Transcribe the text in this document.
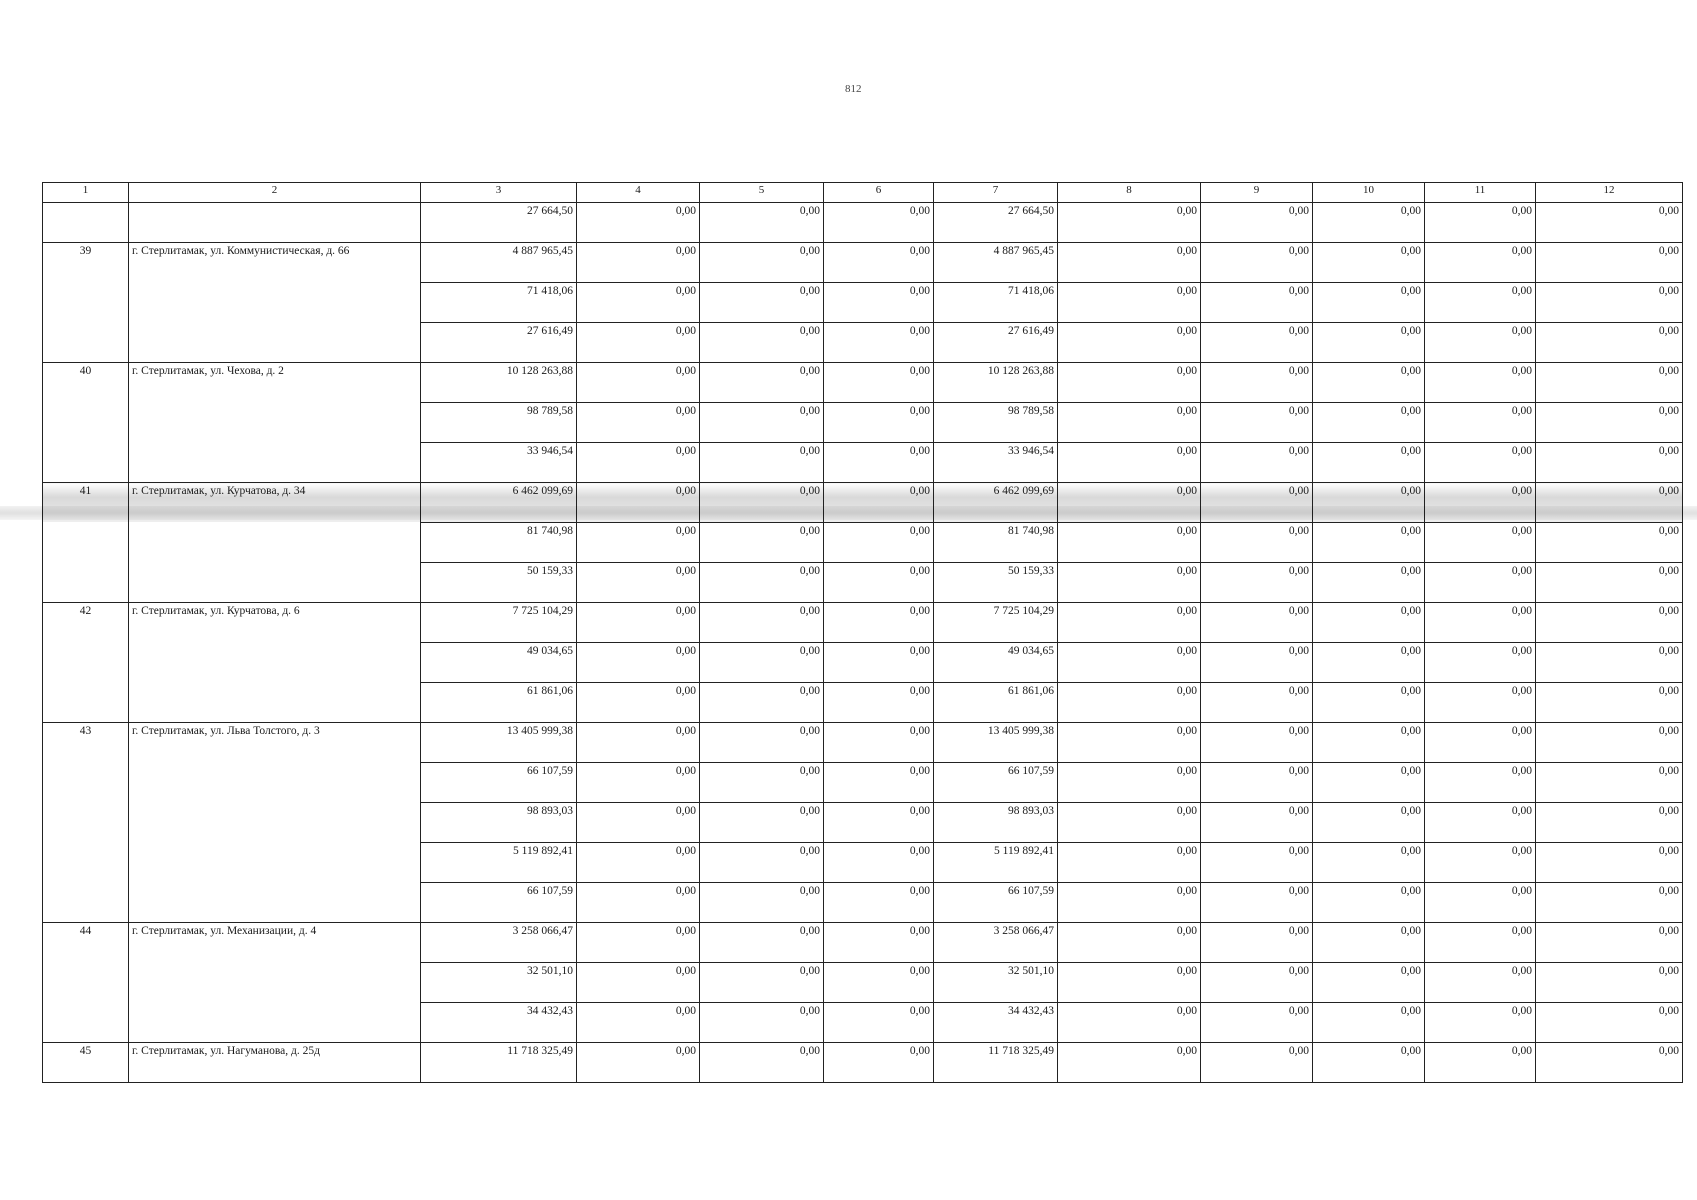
812
1	2	3	4	5	6	7	8	9	10	11	12
		27 664,50	0,00	0,00	0,00	27 664,50	0,00	0,00	0,00	0,00	0,00
39	г. Стерлитамак, ул. Коммунистическая, д. 66	4 887 965,45	0,00	0,00	0,00	4 887 965,45	0,00	0,00	0,00	0,00	0,00
		71 418,06	0,00	0,00	0,00	71 418,06	0,00	0,00	0,00	0,00	0,00
		27 616,49	0,00	0,00	0,00	27 616,49	0,00	0,00	0,00	0,00	0,00
40	г. Стерлитамак, ул. Чехова, д. 2	10 128 263,88	0,00	0,00	0,00	10 128 263,88	0,00	0,00	0,00	0,00	0,00
		98 789,58	0,00	0,00	0,00	98 789,58	0,00	0,00	0,00	0,00	0,00
		33 946,54	0,00	0,00	0,00	33 946,54	0,00	0,00	0,00	0,00	0,00
41	г. Стерлитамак, ул. Курчатова, д. 34	6 462 099,69	0,00	0,00	0,00	6 462 099,69	0,00	0,00	0,00	0,00	0,00
		81 740,98	0,00	0,00	0,00	81 740,98	0,00	0,00	0,00	0,00	0,00
		50 159,33	0,00	0,00	0,00	50 159,33	0,00	0,00	0,00	0,00	0,00
42	г. Стерлитамак, ул. Курчатова, д. 6	7 725 104,29	0,00	0,00	0,00	7 725 104,29	0,00	0,00	0,00	0,00	0,00
		49 034,65	0,00	0,00	0,00	49 034,65	0,00	0,00	0,00	0,00	0,00
		61 861,06	0,00	0,00	0,00	61 861,06	0,00	0,00	0,00	0,00	0,00
43	г. Стерлитамак, ул. Льва Толстого, д. 3	13 405 999,38	0,00	0,00	0,00	13 405 999,38	0,00	0,00	0,00	0,00	0,00
		66 107,59	0,00	0,00	0,00	66 107,59	0,00	0,00	0,00	0,00	0,00
		98 893,03	0,00	0,00	0,00	98 893,03	0,00	0,00	0,00	0,00	0,00
		5 119 892,41	0,00	0,00	0,00	5 119 892,41	0,00	0,00	0,00	0,00	0,00
		66 107,59	0,00	0,00	0,00	66 107,59	0,00	0,00	0,00	0,00	0,00
44	г. Стерлитамак, ул. Механизации, д. 4	3 258 066,47	0,00	0,00	0,00	3 258 066,47	0,00	0,00	0,00	0,00	0,00
		32 501,10	0,00	0,00	0,00	32 501,10	0,00	0,00	0,00	0,00	0,00
		34 432,43	0,00	0,00	0,00	34 432,43	0,00	0,00	0,00	0,00	0,00
45	г. Стерлитамак, ул. Нагуманова, д. 25д	11 718 325,49	0,00	0,00	0,00	11 718 325,49	0,00	0,00	0,00	0,00	0,00
